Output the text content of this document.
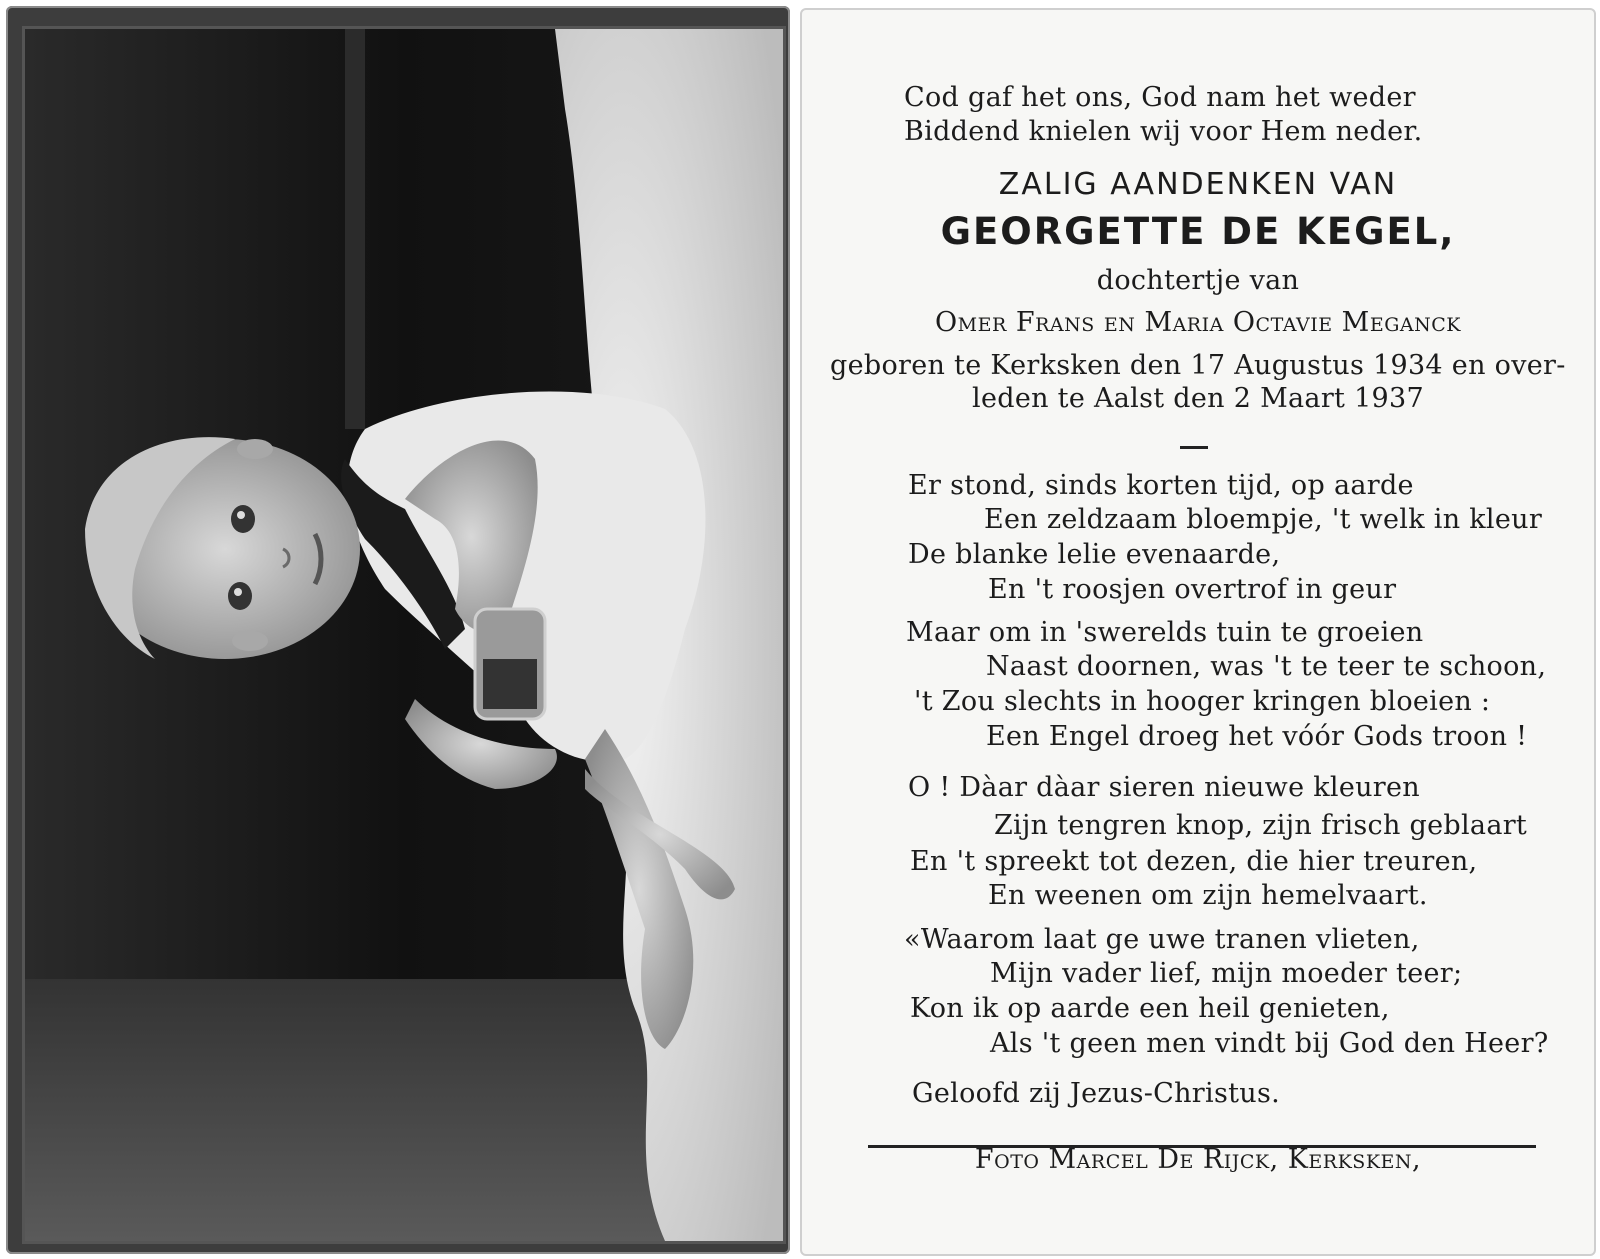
Cod gaf het ons, God nam het weder
Biddend knielen wij voor Hem neder.
ZALIG AANDENKEN VAN
GEORGETTE DE KEGEL,
dochtertje van
Omer Frans en Maria Octavie Meganck
geboren te Kerksken den 17 Augustus 1934 en over-
leden te Aalst den 2 Maart 1937
Er stond, sinds korten tijd, op aarde
Een zeldzaam bloempje, 't welk in kleur
De blanke lelie evenaarde,
En 't roosjen overtrof in geur
Maar om in 'swerelds tuin te groeien
Naast doornen, was 't te teer te schoon,
't Zou slechts in hooger kringen bloeien :
Een Engel droeg het vóór Gods troon !
O ! Dàar dàar sieren nieuwe kleuren
Zijn tengren knop, zijn frisch geblaart
En 't spreekt tot dezen, die hier treuren,
En weenen om zijn hemelvaart.
«Waarom laat ge uwe tranen vlieten,
Mijn vader lief, mijn moeder teer;
Kon ik op aarde een heil genieten,
Als 't geen men vindt bij God den Heer?
Geloofd zij Jezus-Christus.
Foto Marcel De Rijck, Kerksken,
